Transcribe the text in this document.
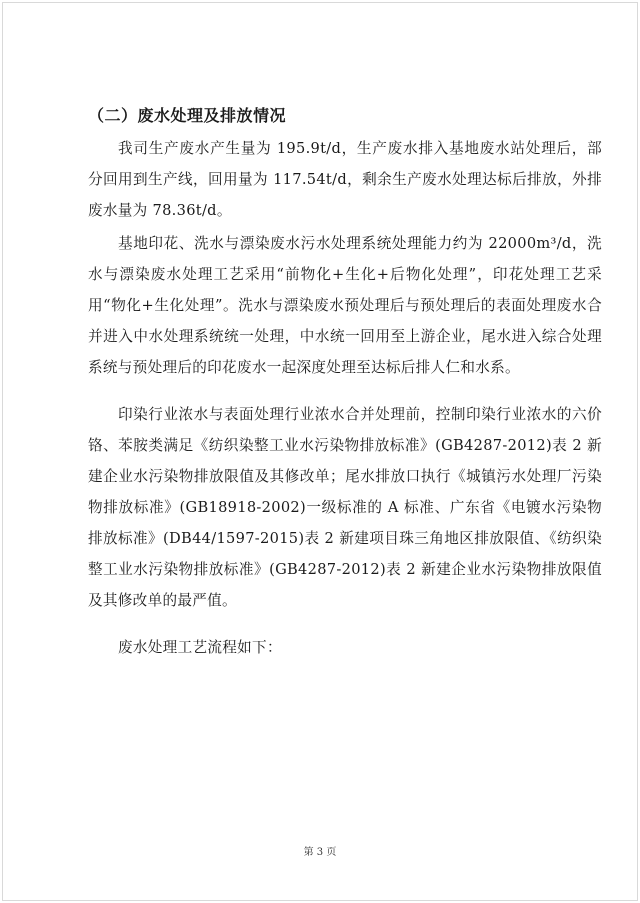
（二）废水处理及排放情况

我司生产废水产生量为 195.9t/d，生产废水排入基地废水站处理后，部分回用到生产线，回用量为 117.54t/d，剩余生产废水处理达标后排放，外排废水量为 78.36t/d。

基地印花、洗水与漂染废水污水处理系统处理能力约为 22000m³/d，洗水与漂染废水处理工艺采用“前物化+生化+后物化处理”，印花处理工艺采用“物化+生化处理”。洗水与漂染废水预处理后与预处理后的表面处理废水合并进入中水处理系统统一处理，中水统一回用至上游企业，尾水进入综合处理系统与预处理后的印花废水一起深度处理至达标后排人仁和水系。

印染行业浓水与表面处理行业浓水合并处理前，控制印染行业浓水的六价铬、苯胺类满足《纺织染整工业水污染物排放标准》(GB4287-2012)表 2 新建企业水污染物排放限值及其修改单；尾水排放口执行《城镇污水处理厂污染物排放标准》(GB18918-2002)一级标准的 A 标准、广东省《电镀水污染物排放标准》(DB44/1597-2015)表 2 新建项目珠三角地区排放限值、《纺织染整工业水污染物排放标准》(GB4287-2012)表 2 新建企业水污染物排放限值及其修改单的最严值。

废水处理工艺流程如下：

第 3 页
